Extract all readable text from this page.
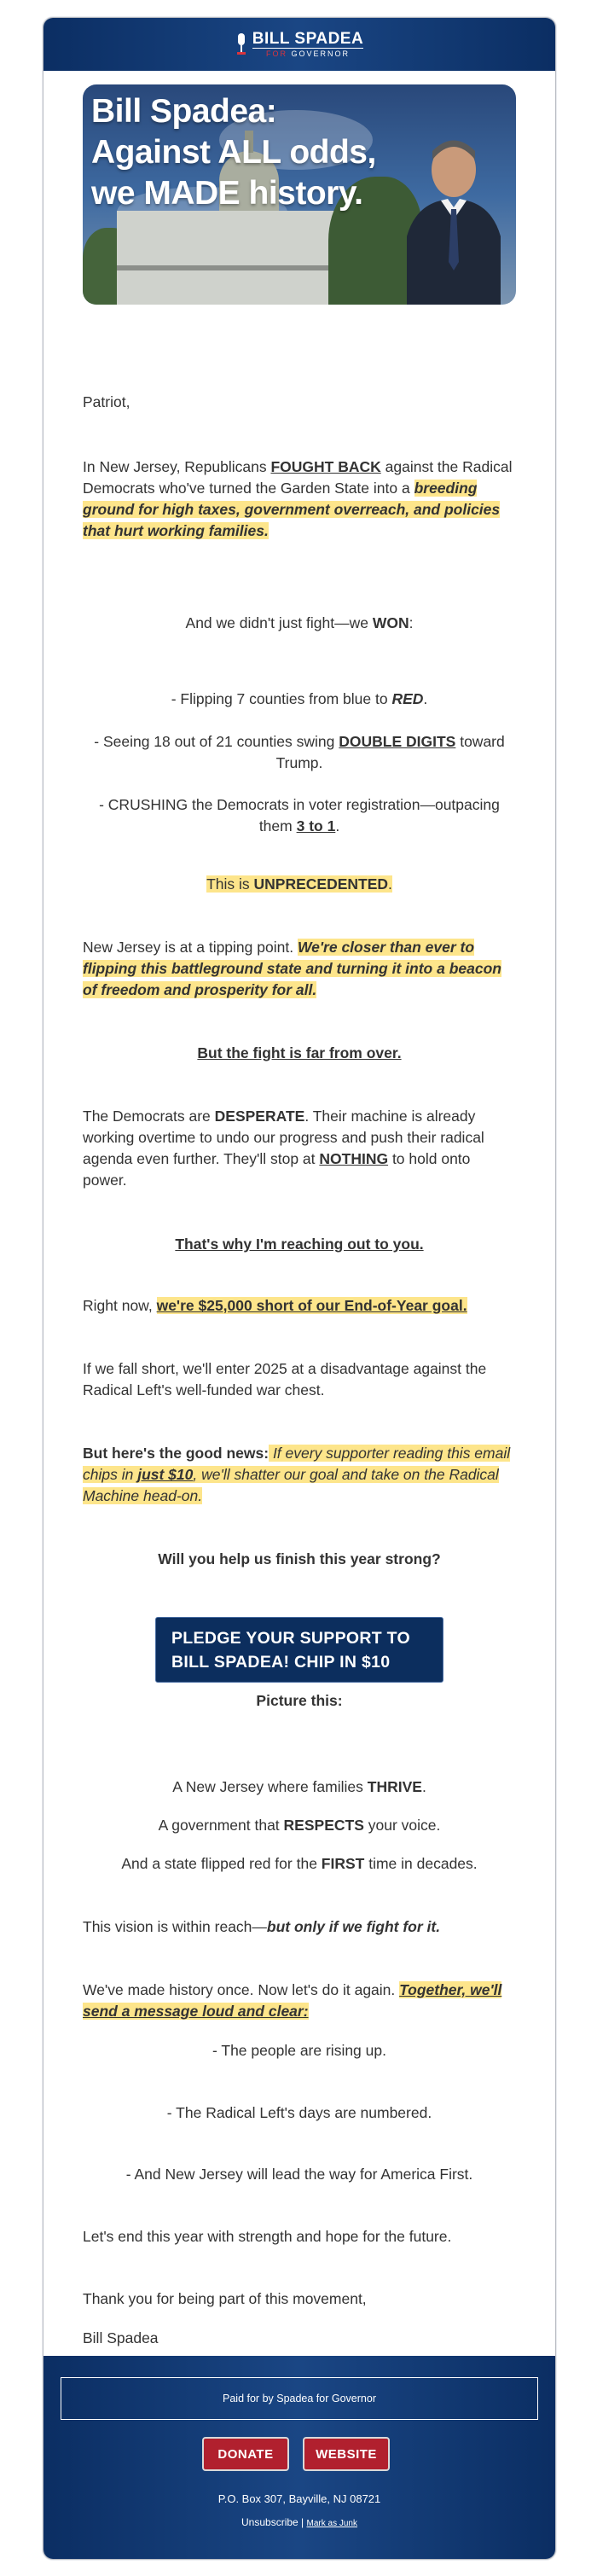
BILL SPADEA
FOR GOVERNOR
Bill Spadea:
Against ALL odds,
we MADE history.

Patriot,

In New Jersey, Republicans FOUGHT BACK against the Radical Democrats who've turned the Garden State into a breeding ground for high taxes, government overreach, and policies that hurt working families.

And we didn't just fight—we WON:

- Flipping 7 counties from blue to RED.

- Seeing 18 out of 21 counties swing DOUBLE DIGITS toward Trump.

- CRUSHING the Democrats in voter registration—outpacing them 3 to 1.

This is UNPRECEDENTED.

New Jersey is at a tipping point. We're closer than ever to flipping this battleground state and turning it into a beacon of freedom and prosperity for all.

But the fight is far from over.

The Democrats are DESPERATE. Their machine is already working overtime to undo our progress and push their radical agenda even further. They'll stop at NOTHING to hold onto power.

That's why I'm reaching out to you.

Right now, we're $25,000 short of our End-of-Year goal.

If we fall short, we'll enter 2025 at a disadvantage against the Radical Left's well-funded war chest.

But here's the good news: If every supporter reading this email chips in just $10, we'll shatter our goal and take on the Radical Machine head-on.

Will you help us finish this year strong?

PLEDGE YOUR SUPPORT TO BILL SPADEA! CHIP IN $10

Picture this:

A New Jersey where families THRIVE.

A government that RESPECTS your voice.

And a state flipped red for the FIRST time in decades.

This vision is within reach—but only if we fight for it.

We've made history once. Now let's do it again. Together, we'll send a message loud and clear:

- The people are rising up.

- The Radical Left's days are numbered.

- And New Jersey will lead the way for America First.

Let's end this year with strength and hope for the future.

Thank you for being part of this movement,

Bill Spadea

Paid for by Spadea for Governor
DONATE	WEBSITE
P.O. Box 307, Bayville, NJ 08721
Unsubscribe | Mark as Junk
